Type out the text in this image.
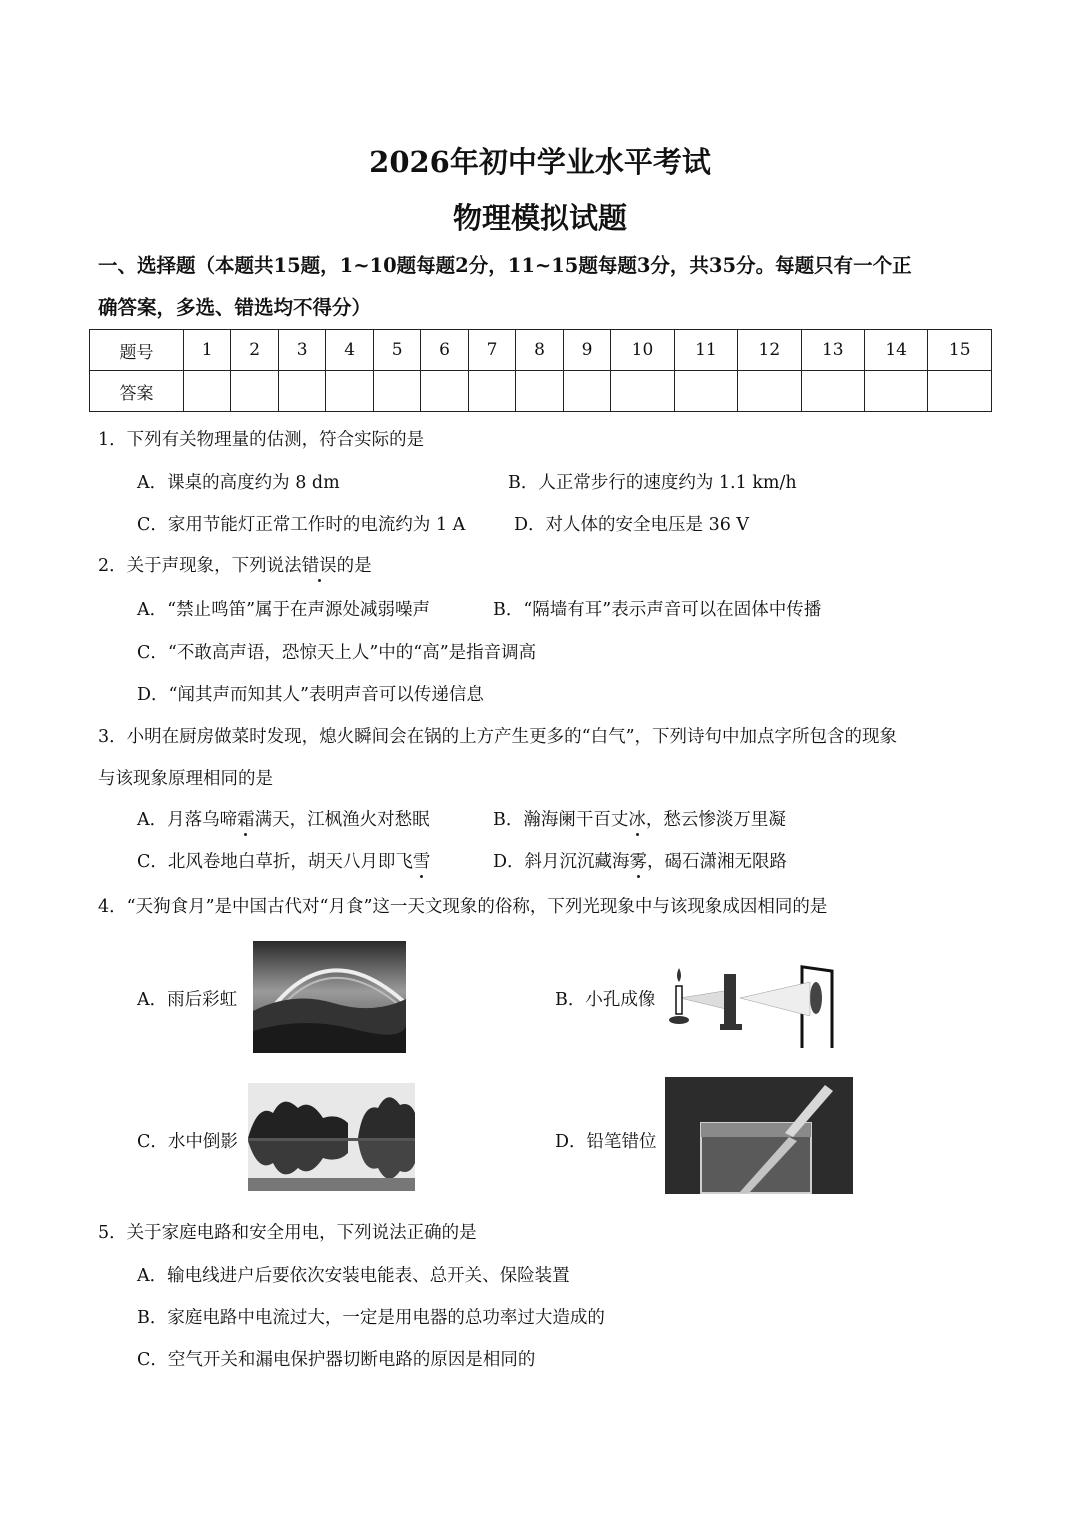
2026年初中学业水平考试
物理模拟试题
一、选择题（本题共15题，1~10题每题2分，11~15题每题3分，共35分。每题只有一个正
确答案，多选、错选均不得分）
题号	1	2	3	4	5	6	7	8	9	10	11	12	13	14	15
答案															
1．下列有关物理量的估测，符合实际的是
A．课桌的高度约为 8 dm	B．人正常步行的速度约为 1.1 km/h
C．家用节能灯正常工作时的电流约为 1 A	D．对人体的安全电压是 36 V
2．关于声现象，下列说法错误的是
A．“禁止鸣笛”属于在声源处减弱噪声	B．“隔墙有耳”表示声音可以在固体中传播
C．“不敢高声语，恐惊天上人”中的“高”是指音调高
D．“闻其声而知其人”表明声音可以传递信息
3．小明在厨房做菜时发现，熄火瞬间会在锅的上方产生更多的“白气”，下列诗句中加点字所包含的现象
与该现象原理相同的是
A．月落乌啼霜满天，江枫渔火对愁眠	B．瀚海阑干百丈冰，愁云惨淡万里凝
C．北风卷地白草折，胡天八月即飞雪	D．斜月沉沉藏海雾，碣石潇湘无限路
4．“天狗食月”是中国古代对“月食”这一天文现象的俗称，下列光现象中与该现象成因相同的是
A．雨后彩虹	B．小孔成像
C．水中倒影	D．铅笔错位
5．关于家庭电路和安全用电，下列说法正确的是
A．输电线进户后要依次安装电能表、总开关、保险装置
B．家庭电路中电流过大，一定是用电器的总功率过大造成的
C．空气开关和漏电保护器切断电路的原因是相同的
